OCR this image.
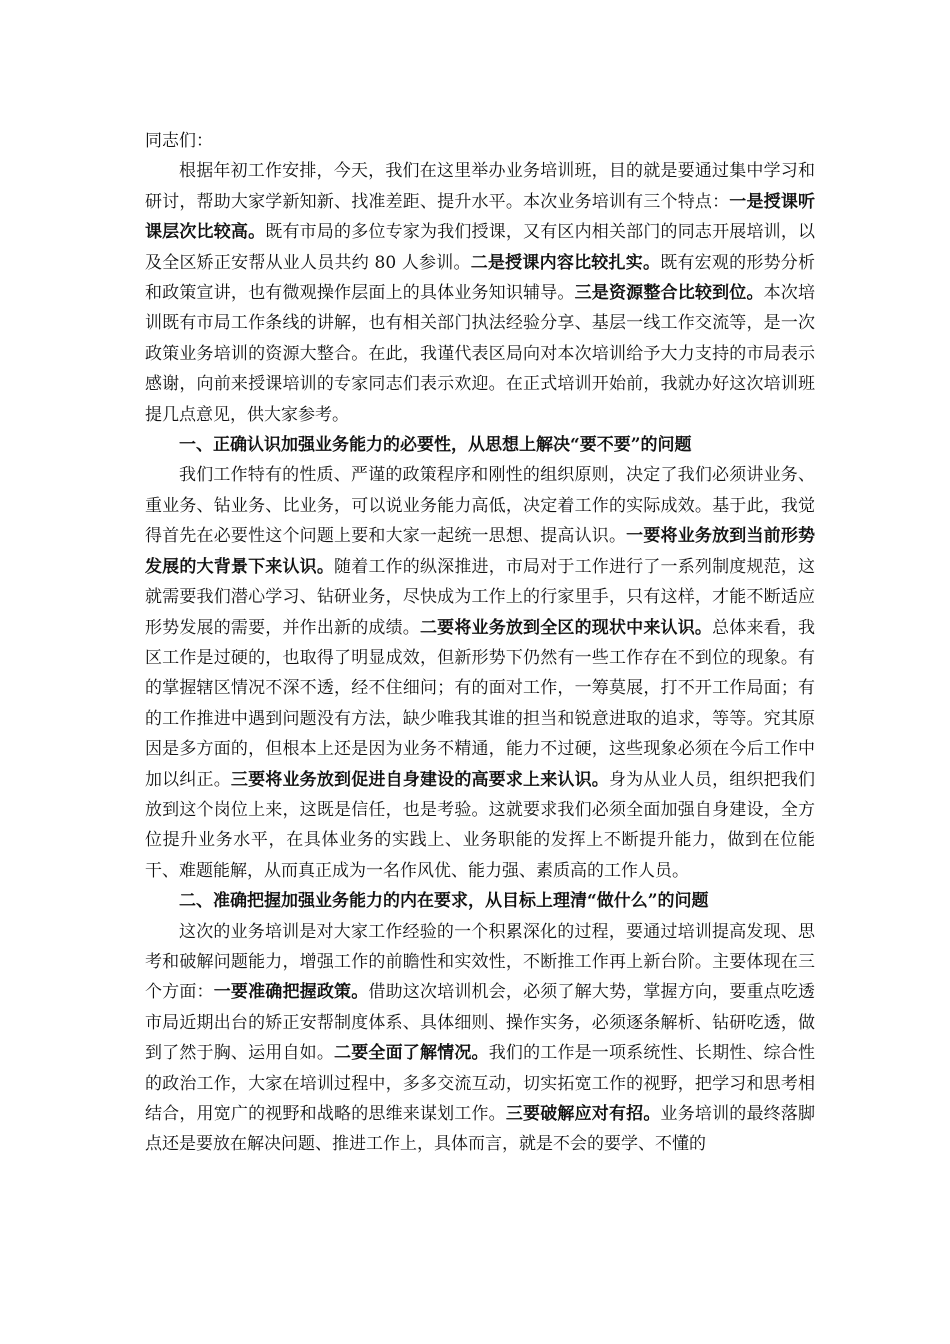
同志们：

根据年初工作安排，今天，我们在这里举办业务培训班，目的就是要通过集中学习和研讨，帮助大家学新知新、找准差距、提升水平。本次业务培训有三个特点：一是授课听课层次比较高。既有市局的多位专家为我们授课，又有区内相关部门的同志开展培训，以及全区矫正安帮从业人员共约 80 人参训。二是授课内容比较扎实。既有宏观的形势分析和政策宣讲，也有微观操作层面上的具体业务知识辅导。三是资源整合比较到位。本次培训既有市局工作条线的讲解，也有相关部门执法经验分享、基层一线工作交流等，是一次政策业务培训的资源大整合。在此，我谨代表区局向对本次培训给予大力支持的市局表示感谢，向前来授课培训的专家同志们表示欢迎。在正式培训开始前，我就办好这次培训班提几点意见，供大家参考。

一、正确认识加强业务能力的必要性，从思想上解决“要不要”的问题

我们工作特有的性质、严谨的政策程序和刚性的组织原则，决定了我们必须讲业务、重业务、钻业务、比业务，可以说业务能力高低，决定着工作的实际成效。基于此，我觉得首先在必要性这个问题上要和大家一起统一思想、提高认识。一要将业务放到当前形势发展的大背景下来认识。随着工作的纵深推进，市局对于工作进行了一系列制度规范，这就需要我们潜心学习、钻研业务，尽快成为工作上的行家里手，只有这样，才能不断适应形势发展的需要，并作出新的成绩。二要将业务放到全区的现状中来认识。总体来看，我区工作是过硬的，也取得了明显成效，但新形势下仍然有一些工作存在不到位的现象。有的掌握辖区情况不深不透，经不住细问；有的面对工作，一筹莫展，打不开工作局面；有的工作推进中遇到问题没有方法，缺少唯我其谁的担当和锐意进取的追求，等等。究其原因是多方面的，但根本上还是因为业务不精通，能力不过硬，这些现象必须在今后工作中加以纠正。三要将业务放到促进自身建设的高要求上来认识。身为从业人员，组织把我们放到这个岗位上来，这既是信任，也是考验。这就要求我们必须全面加强自身建设，全方位提升业务水平，在具体业务的实践上、业务职能的发挥上不断提升能力，做到在位能干、难题能解，从而真正成为一名作风优、能力强、素质高的工作人员。

二、准确把握加强业务能力的内在要求，从目标上理清“做什么”的问题

这次的业务培训是对大家工作经验的一个积累深化的过程，要通过培训提高发现、思考和破解问题能力，增强工作的前瞻性和实效性，不断推工作再上新台阶。主要体现在三个方面：一要准确把握政策。借助这次培训机会，必须了解大势，掌握方向，要重点吃透市局近期出台的矫正安帮制度体系、具体细则、操作实务，必须逐条解析、钻研吃透，做到了然于胸、运用自如。二要全面了解情况。我们的工作是一项系统性、长期性、综合性的政治工作，大家在培训过程中，多多交流互动，切实拓宽工作的视野，把学习和思考相结合，用宽广的视野和战略的思维来谋划工作。三要破解应对有招。业务培训的最终落脚点还是要放在解决问题、推进工作上，具体而言，就是不会的要学、不懂的
